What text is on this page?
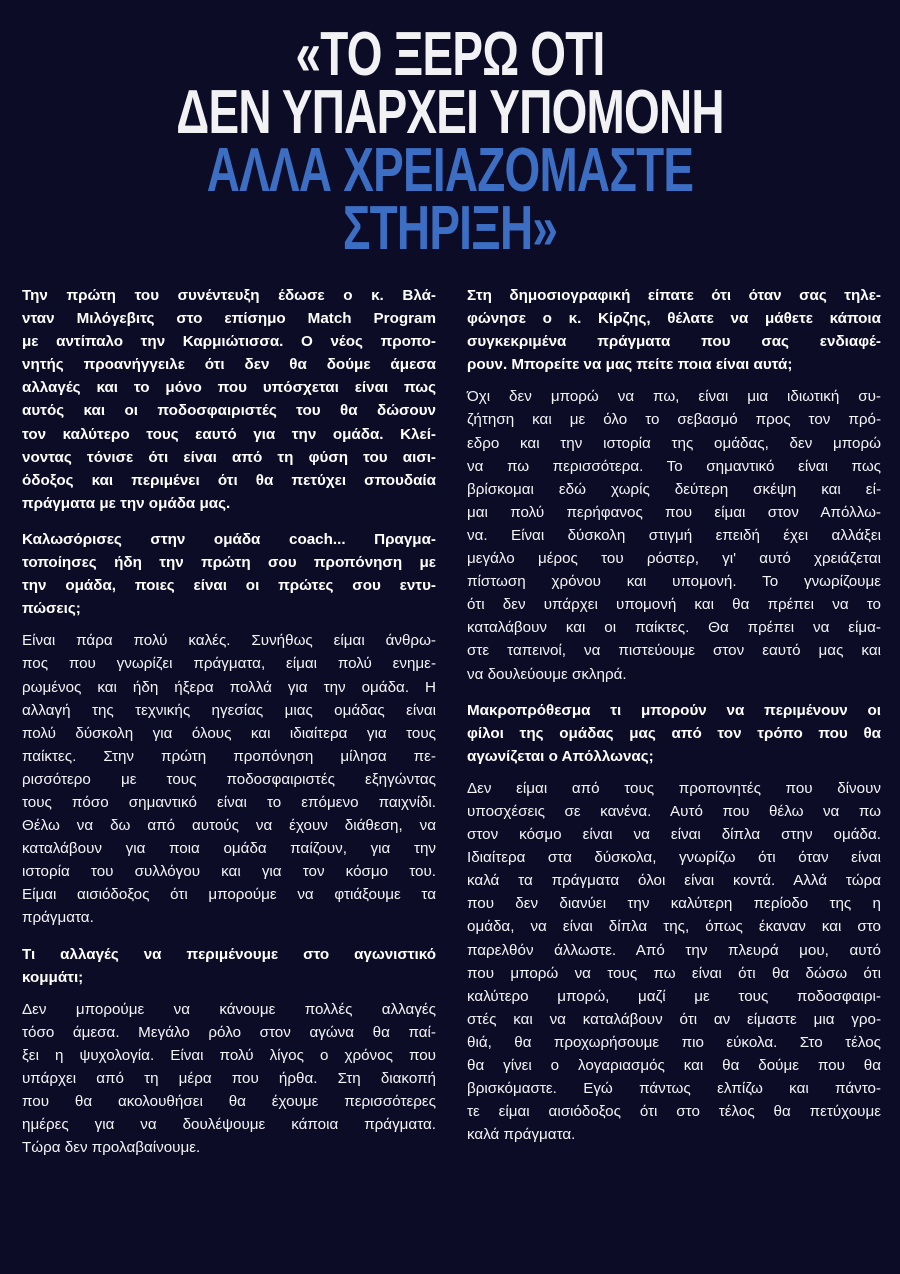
«ΤΟ ΞΕΡΩ ΟΤΙ
ΔΕΝ ΥΠΑΡΧΕΙ ΥΠΟΜΟΝΗ
ΑΛΛΑ ΧΡΕΙΑΖΟΜΑΣΤΕ
ΣΤΗΡΙΞΗ»
Την πρώτη του συνέντευξη έδωσε ο κ. Βλά-
νταν Μιλόγεβιτς στο επίσημο Match Program
με αντίπαλο την Καρμιώτισσα. Ο νέος προπο-
νητής προανήγγειλε ότι δεν θα δούμε άμεσα
αλλαγές και το μόνο που υπόσχεται είναι πως
αυτός και οι ποδοσφαιριστές του θα δώσουν
τον καλύτερο τους εαυτό για την ομάδα. Κλεί-
νοντας τόνισε ότι είναι από τη φύση του αισι-
όδοξος και περιμένει ότι θα πετύχει σπουδαία
πράγματα με την ομάδα μας.
Καλωσόρισες στην ομάδα coach... Πραγμα-
τοποίησες ήδη την πρώτη σου προπόνηση με
την ομάδα, ποιες είναι οι πρώτες σου εντυ-
πώσεις;
Είναι πάρα πολύ καλές. Συνήθως είμαι άνθρω-
πος που γνωρίζει πράγματα, είμαι πολύ ενημε-
ρωμένος και ήδη ήξερα πολλά για την ομάδα. Η
αλλαγή της τεχνικής ηγεσίας μιας ομάδας είναι
πολύ δύσκολη για όλους και ιδιαίτερα για τους
παίκτες. Στην πρώτη προπόνηση μίλησα πε-
ρισσότερο με τους ποδοσφαιριστές εξηγώντας
τους πόσο σημαντικό είναι το επόμενο παιχνίδι.
Θέλω να δω από αυτούς να έχουν διάθεση, να
καταλάβουν για ποια ομάδα παίζουν, για την
ιστορία του συλλόγου και για τον κόσμο του.
Είμαι αισιόδοξος ότι μπορούμε να φτιάξουμε τα
πράγματα.
Τι αλλαγές να περιμένουμε στο αγωνιστικό
κομμάτι;
Δεν μπορούμε να κάνουμε πολλές αλλαγές
τόσο άμεσα. Μεγάλο ρόλο στον αγώνα θα παί-
ξει η ψυχολογία. Είναι πολύ λίγος ο χρόνος που
υπάρχει από τη μέρα που ήρθα. Στη διακοπή
που θα ακολουθήσει θα έχουμε περισσότερες
ημέρες για να δουλέψουμε κάποια πράγματα.
Τώρα δεν προλαβαίνουμε.
Στη δημοσιογραφική είπατε ότι όταν σας τηλε-
φώνησε ο κ. Κίρζης, θέλατε να μάθετε κάποια
συγκεκριμένα πράγματα που σας ενδιαφέ-
ρουν. Μπορείτε να μας πείτε ποια είναι αυτά;
Όχι δεν μπορώ να πω, είναι μια ιδιωτική συ-
ζήτηση και με όλο το σεβασμό προς τον πρό-
εδρο και την ιστορία της ομάδας, δεν μπορώ
να πω περισσότερα. Το σημαντικό είναι πως
βρίσκομαι εδώ χωρίς δεύτερη σκέψη και εί-
μαι πολύ περήφανος που είμαι στον Απόλλω-
να. Είναι δύσκολη στιγμή επειδή έχει αλλάξει
μεγάλο μέρος του ρόστερ, γι' αυτό χρειάζεται
πίστωση χρόνου και υπομονή. Το γνωρίζουμε
ότι δεν υπάρχει υπομονή και θα πρέπει να το
καταλάβουν και οι παίκτες. Θα πρέπει να είμα-
στε ταπεινοί, να πιστεύουμε στον εαυτό μας και
να δουλεύουμε σκληρά.
Μακροπρόθεσμα τι μπορούν να περιμένουν οι
φίλοι της ομάδας μας από τον τρόπο που θα
αγωνίζεται ο Απόλλωνας;
Δεν είμαι από τους προπονητές που δίνουν
υποσχέσεις σε κανένα. Αυτό που θέλω να πω
στον κόσμο είναι να είναι δίπλα στην ομάδα.
Ιδιαίτερα στα δύσκολα, γνωρίζω ότι όταν είναι
καλά τα πράγματα όλοι είναι κοντά. Αλλά τώρα
που δεν διανύει την καλύτερη περίοδο της η
ομάδα, να είναι δίπλα της, όπως έκαναν και στο
παρελθόν άλλωστε. Από την πλευρά μου, αυτό
που μπορώ να τους πω είναι ότι θα δώσω ότι
καλύτερο μπορώ, μαζί με τους ποδοσφαιρι-
στές και να καταλάβουν ότι αν είμαστε μια γρο-
θιά, θα προχωρήσουμε πιο εύκολα. Στο τέλος
θα γίνει ο λογαριασμός και θα δούμε που θα
βρισκόμαστε. Εγώ πάντως ελπίζω και πάντο-
τε είμαι αισιόδοξος ότι στο τέλος θα πετύχουμε
καλά πράγματα.
